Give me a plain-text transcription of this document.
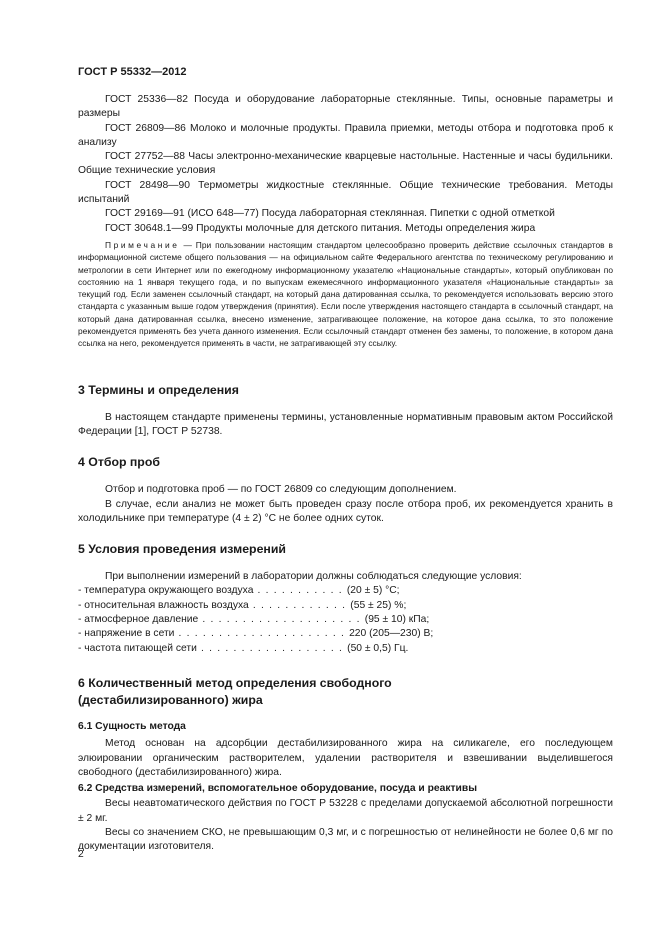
ГОСТ Р 55332—2012

ГОСТ 25336—82 Посуда и оборудование лабораторные стеклянные. Типы, основные параметры и размеры

ГОСТ 26809—86 Молоко и молочные продукты. Правила приемки, методы отбора и подготовка проб к анализу

ГОСТ 27752—88 Часы электронно-механические кварцевые настольные. Настенные и часы будильники. Общие технические условия

ГОСТ 28498—90 Термометры жидкостные стеклянные. Общие технические требования. Методы испытаний

ГОСТ 29169—91 (ИСО 648—77) Посуда лабораторная стеклянная. Пипетки с одной отметкой

ГОСТ 30648.1—99 Продукты молочные для детского питания. Методы определения жира

Примечание — При пользовании настоящим стандартом целесообразно проверить действие ссылочных стандартов в информационной системе общего пользования — на официальном сайте Федерального агентства по техническому регулированию и метрологии в сети Интернет или по ежегодному информационному указателю «Национальные стандарты», который опубликован по состоянию на 1 января текущего года, и по выпускам ежемесячного информационного указателя «Национальные стандарты» за текущий год. Если заменен ссылочный стандарт, на который дана датированная ссылка, то рекомендуется использовать версию этого стандарта с указанным выше годом утверждения (принятия). Если после утверждения настоящего стандарта в ссылочный стандарт, на который дана датированная ссылка, внесено изменение, затрагивающее положение, на которое дана ссылка, то это положение рекомендуется применять без учета данного изменения. Если ссылочный стандарт отменен без замены, то положение, в котором дана ссылка на него, рекомендуется применять в части, не затрагивающей эту ссылку.

3 Термины и определения

В настоящем стандарте применены термины, установленные нормативным правовым актом Российской Федерации [1], ГОСТ Р 52738.

4 Отбор проб

Отбор и подготовка проб — по ГОСТ 26809 со следующим дополнением.

В случае, если анализ не может быть проведен сразу после отбора проб, их рекомендуется хранить в холодильнике при температуре (4 ± 2) °С не более одних суток.

5 Условия проведения измерений

При выполнении измерений в лаборатории должны соблюдаться следующие условия:

- температура окружающего воздуха . . . . . . . . . . . (20 ± 5) °С;
- относительная влажность воздуха . . . . . . . . . . . . (55 ± 25) %;
- атмосферное давление . . . . . . . . . . . . . . . . . . . . (95 ± 10) кПа;
- напряжение в сети . . . . . . . . . . . . . . . . . . . . . 220 (205—230) В;
- частота питающей сети . . . . . . . . . . . . . . . . . . (50 ± 0,5) Гц.
6 Количественный метод определения свободного
(дестабилизированного) жира
6.1 Сущность метода

Метод основан на адсорбции дестабилизированного жира на силикагеле, его последующем элюировании органическим растворителем, удалении растворителя и взвешивании выделившегося свободного (дестабилизированного) жира.

6.2 Средства измерений, вспомогательное оборудование, посуда и реактивы

Весы неавтоматического действия по ГОСТ Р 53228 с пределами допускаемой абсолютной погрешности ± 2 мг.

Весы со значением СКО, не превышающим 0,3 мг, и с погрешностью от нелинейности не более 0,6 мг по документации изготовителя.

2
